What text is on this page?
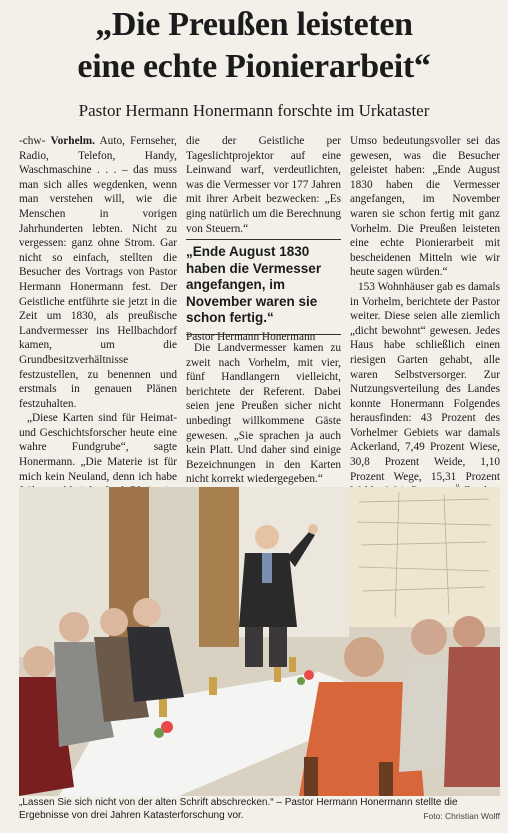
„Die Preußen leisteten
eine echte Pionierarbeit“
Pastor Hermann Honermann forschte im Urkataster

-chw- Vorhelm. Auto, Fernseher, Radio, Telefon, Handy, Waschmaschine . . . – das muss man sich alles wegdenken, wenn man verstehen will, wie die Menschen in vorigen Jahrhunderten lebten. Nicht zu vergessen: ganz ohne Strom. Gar nicht so einfach, stellten die Besucher des Vortrags von Pastor Hermann Honermann fest. Der Geistliche entführte sie jetzt in die Zeit um 1830, als preußische Landvermesser ins Hellbachdorf kamen, um die Grundbesitzverhältnisse festzustellen, zu benennen und erstmals in genauen Plänen festzuhalten.

„Diese Karten sind für Heimat- und Geschichtsforscher heute eine wahre Fundgrube“, sagte Honermann. „Die Materie ist für mich kein Neuland, denn ich habe

die der Geistliche per Tageslichtprojektor auf eine Leinwand warf, verdeutlichten, was die Vermesser vor 177 Jahren mit ihrer Arbeit bezwecken: „Es ging natürlich um die Berechnung von Steuern.“

„Ende August 1830 haben die Vermesser angefangen, im November waren sie schon fertig.“
Pastor Hermann Honermann

Die Landvermesser kamen zu zweit nach Vorhelm, mit vier, fünf Handlangern vielleicht, berichtete der Referent. Dabei seien jene Preußen sicher nicht unbedingt willkommene Gäste gewesen. „Sie sprachen ja auch kein Platt. Und daher sind einige Bezeichnungen in den Karten nicht korrekt wiedergegeben.“

Umso bedeutungsvoller sei das gewesen, was die Besucher geleistet haben: „Ende August 1830 haben die Vermesser angefangen, im November waren sie schon fertig mit ganz Vorhelm. Die Preußen leisteten eine echte Pionierarbeit mit bescheidenen Mitteln wie wir heute sagen würden.“

153 Wohnhäuser gab es damals in Vorhelm, berichtete der Pastor weiter. Diese seien alle ziemlich „dicht bewohnt“ gewesen. Jedes Haus habe schließlich einen riesigen Garten gehabt, alle waren Selbstversorger. Zur Nutzungsverteilung des Landes konnte Honermann Folgendes herausfinden: 43 Prozent des Vorhelmer Gebiets war damals Ackerland, 7,49 Prozent Wiese, 30,8 Prozent Weide, 1,10 Prozent Wege, 15,31 Prozent

„Lassen Sie sich nicht von der alten Schrift abschrecken.“ – Pastor Hermann Honermann stellte die Ergebnisse von drei Jahren Katasterforschung vor.	Foto: Christian Wolff
